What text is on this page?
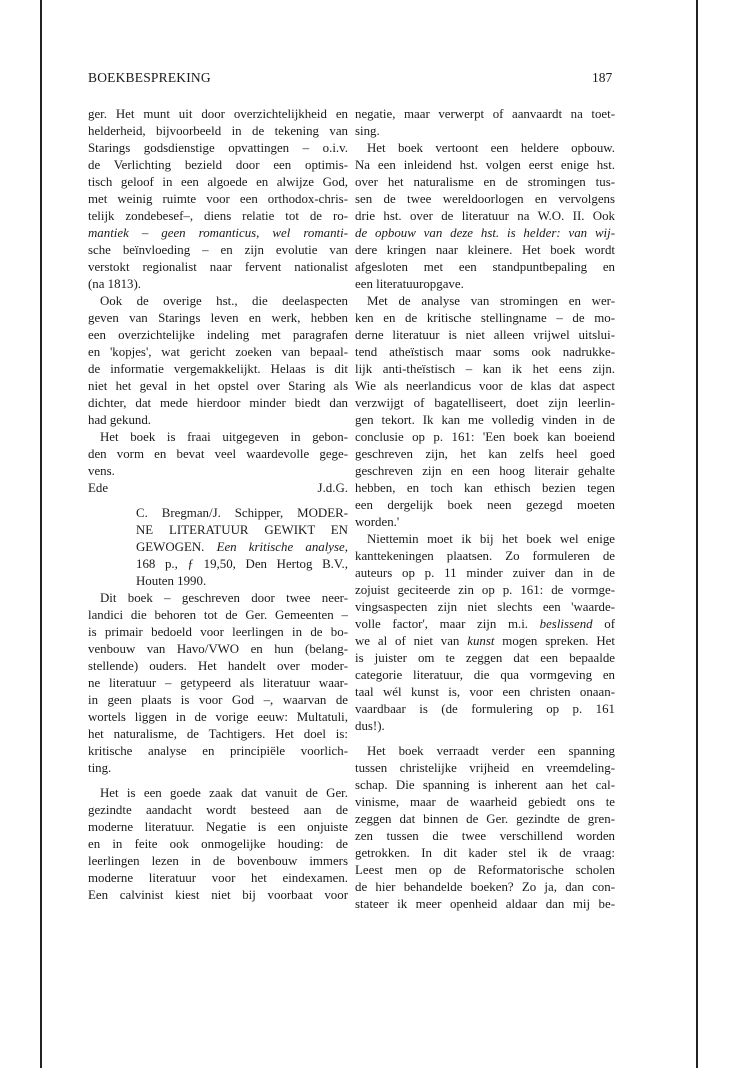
BOEKBESPREKING	187
ger. Het munt uit door overzichtelijkheid en
helderheid, bijvoorbeeld in de tekening van
Starings godsdienstige opvattingen – o.i.v.
de Verlichting bezield door een optimis-
tisch geloof in een algoede en alwijze God,
met weinig ruimte voor een orthodox-chris-
telijk zondebesef–, diens relatie tot de ro-
mantiek – geen romanticus, wel romanti-
sche beïnvloeding – en zijn evolutie van
verstokt regionalist naar fervent nationalist
(na 1813).
Ook de overige hst., die deelaspecten
geven van Starings leven en werk, hebben
een overzichtelijke indeling met paragrafen
en 'kopjes', wat gericht zoeken van bepaal-
de informatie vergemakkelijkt. Helaas is dit
niet het geval in het opstel over Staring als
dichter, dat mede hierdoor minder biedt dan
had gekund.
Het boek is fraai uitgegeven in gebon-
den vorm en bevat veel waardevolle gege-
vens.
Ede	J.d.G.
C. Bregman/J. Schipper, MODER-
NE LITERATUUR GEWIKT EN
GEWOGEN. Een kritische analyse,
168 p., ƒ 19,50, Den Hertog B.V.,
Houten 1990.
Dit boek – geschreven door twee neer-
landici die behoren tot de Ger. Gemeenten –
is primair bedoeld voor leerlingen in de bo-
venbouw van Havo/VWO en hun (belang-
stellende) ouders. Het handelt over moder-
ne literatuur – getypeerd als literatuur waar-
in geen plaats is voor God –, waarvan de
wortels liggen in de vorige eeuw: Multatuli,
het naturalisme, de Tachtigers. Het doel is:
kritische analyse en principiële voorlich-
ting.
Het is een goede zaak dat vanuit de Ger.
gezindte aandacht wordt besteed aan de
moderne literatuur. Negatie is een onjuiste
en in feite ook onmogelijke houding: de
leerlingen lezen in de bovenbouw immers
moderne literatuur voor het eindexamen.
Een calvinist kiest niet bij voorbaat voor
negatie, maar verwerpt of aanvaardt na toet-
sing.
Het boek vertoont een heldere opbouw.
Na een inleidend hst. volgen eerst enige hst.
over het naturalisme en de stromingen tus-
sen de twee wereldoorlogen en vervolgens
drie hst. over de literatuur na W.O. II. Ook
de opbouw van deze hst. is helder: van wij-
dere kringen naar kleinere. Het boek wordt
afgesloten met een standpuntbepaling en
een literatuuropgave.
Met de analyse van stromingen en wer-
ken en de kritische stellingname – de mo-
derne literatuur is niet alleen vrijwel uitslui-
tend atheïstisch maar soms ook nadrukke-
lijk anti-theïstisch – kan ik het eens zijn.
Wie als neerlandicus voor de klas dat aspect
verzwijgt of bagatelliseert, doet zijn leerlin-
gen tekort. Ik kan me volledig vinden in de
conclusie op p. 161: 'Een boek kan boeiend
geschreven zijn, het kan zelfs heel goed
geschreven zijn en een hoog literair gehalte
hebben, en toch kan ethisch bezien tegen
een dergelijk boek neen gezegd moeten
worden.'
Niettemin moet ik bij het boek wel enige
kanttekeningen plaatsen. Zo formuleren de
auteurs op p. 11 minder zuiver dan in de
zojuist geciteerde zin op p. 161: de vormge-
vingsaspecten zijn niet slechts een 'waarde-
volle factor', maar zijn m.i. beslissend of
we al of niet van kunst mogen spreken. Het
is juister om te zeggen dat een bepaalde
categorie literatuur, die qua vormgeving en
taal wél kunst is, voor een christen onaan-
vaardbaar is (de formulering op p. 161
dus!).
Het boek verraadt verder een spanning
tussen christelijke vrijheid en vreemdeling-
schap. Die spanning is inherent aan het cal-
vinisme, maar de waarheid gebiedt ons te
zeggen dat binnen de Ger. gezindte de gren-
zen tussen die twee verschillend worden
getrokken. In dit kader stel ik de vraag:
Leest men op de Reformatorische scholen
de hier behandelde boeken? Zo ja, dan con-
stateer ik meer openheid aldaar dan mij be-
